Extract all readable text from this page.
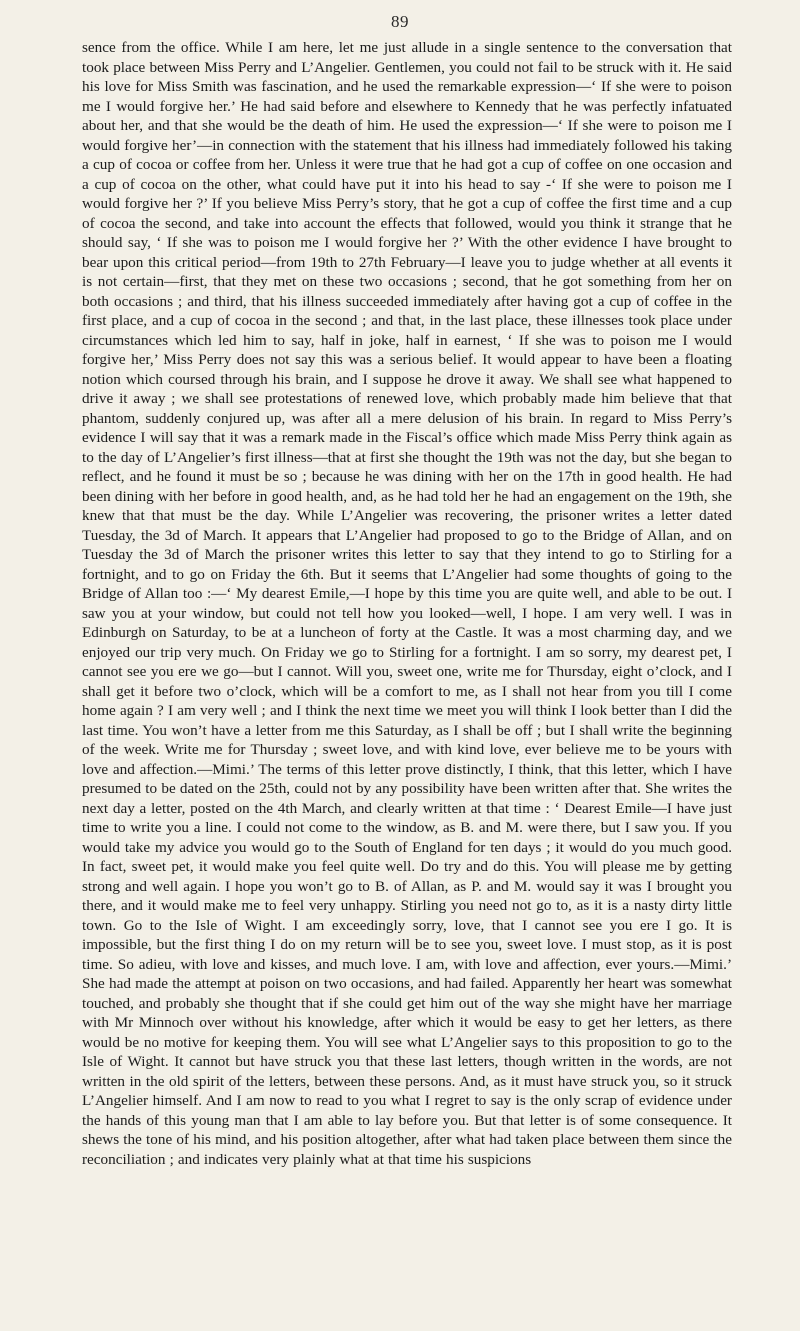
89

sence from the office. While I am here, let me just allude in a single sentence to the conversation that took place between Miss Perry and L’Angelier. Gentlemen, you could not fail to be struck with it. He said his love for Miss Smith was fascination, and he used the remarkable expression—‘ If she were to poison me I would forgive her.’ He had said before and elsewhere to Kennedy that he was perfectly infatuated about her, and that she would be the death of him. He used the expression—‘ If she were to poison me I would forgive her’—in connection with the statement that his illness had immediately followed his taking a cup of cocoa or coffee from her. Unless it were true that he had got a cup of coffee on one occasion and a cup of cocoa on the other, what could have put it into his head to say -‘ If she were to poison me I would forgive her ?’ If you believe Miss Perry’s story, that he got a cup of coffee the first time and a cup of cocoa the second, and take into account the effects that followed, would you think it strange that he should say, ‘ If she was to poison me I would forgive her ?’ With the other evidence I have brought to bear upon this critical period—from 19th to 27th February—I leave you to judge whether at all events it is not certain—first, that they met on these two occasions ; second, that he got something from her on both occasions ; and third, that his illness succeeded immediately after having got a cup of coffee in the first place, and a cup of cocoa in the second ; and that, in the last place, these illnesses took place under circumstances which led him to say, half in joke, half in earnest, ‘ If she was to poison me I would forgive her,’ Miss Perry does not say this was a serious belief. It would appear to have been a floating notion which coursed through his brain, and I suppose he drove it away. We shall see what happened to drive it away ; we shall see protestations of renewed love, which probably made him believe that that phantom, suddenly conjured up, was after all a mere delusion of his brain. In regard to Miss Perry’s evidence I will say that it was a remark made in the Fiscal’s office which made Miss Perry think again as to the day of L’Angelier’s first illness—that at first she thought the 19th was not the day, but she began to reflect, and he found it must be so ; because he was dining with her on the 17th in good health. He had been dining with her before in good health, and, as he had told her he had an engagement on the 19th, she knew that that must be the day. While L’Angelier was recovering, the prisoner writes a letter dated Tuesday, the 3d of March. It appears that L’Angelier had proposed to go to the Bridge of Allan, and on Tuesday the 3d of March the prisoner writes this letter to say that they intend to go to Stirling for a fortnight, and to go on Friday the 6th. But it seems that L’Angelier had some thoughts of going to the Bridge of Allan too :—‘ My dearest Emile,—I hope by this time you are quite well, and able to be out. I saw you at your window, but could not tell how you looked—well, I hope. I am very well. I was in Edinburgh on Saturday, to be at a luncheon of forty at the Castle. It was a most charming day, and we enjoyed our trip very much. On Friday we go to Stirling for a fortnight. I am so sorry, my dearest pet, I cannot see you ere we go—but I cannot. Will you, sweet one, write me for Thursday, eight o’clock, and I shall get it before two o’clock, which will be a comfort to me, as I shall not hear from you till I come home again ? I am very well ; and I think the next time we meet you will think I look better than I did the last time. You won’t have a letter from me this Saturday, as I shall be off ; but I shall write the beginning of the week. Write me for Thursday ; sweet love, and with kind love, ever believe me to be yours with love and affection.—Mimi.’ The terms of this letter prove distinctly, I think, that this letter, which I have presumed to be dated on the 25th, could not by any possibility have been written after that. She writes the next day a letter, posted on the 4th March, and clearly written at that time : ‘ Dearest Emile—I have just time to write you a line. I could not come to the window, as B. and M. were there, but I saw you. If you would take my advice you would go to the South of England for ten days ; it would do you much good. In fact, sweet pet, it would make you feel quite well. Do try and do this. You will please me by getting strong and well again. I hope you won’t go to B. of Allan, as P. and M. would say it was I brought you there, and it would make me to feel very unhappy. Stirling you need not go to, as it is a nasty dirty little town. Go to the Isle of Wight. I am exceedingly sorry, love, that I cannot see you ere I go. It is impossible, but the first thing I do on my return will be to see you, sweet love. I must stop, as it is post time. So adieu, with love and kisses, and much love. I am, with love and affection, ever yours.—Mimi.’ She had made the attempt at poison on two occasions, and had failed. Apparently her heart was somewhat touched, and probably she thought that if she could get him out of the way she might have her marriage with Mr Minnoch over without his knowledge, after which it would be easy to get her letters, as there would be no motive for keeping them. You will see what L’Angelier says to this proposition to go to the Isle of Wight. It cannot but have struck you that these last letters, though written in the words, are not written in the old spirit of the letters, between these persons. And, as it must have struck you, so it struck L’Angelier himself. And I am now to read to you what I regret to say is the only scrap of evidence under the hands of this young man that I am able to lay before you. But that letter is of some consequence. It shews the tone of his mind, and his position altogether, after what had taken place between them since the reconciliation ; and indicates very plainly what at that time his suspicions
